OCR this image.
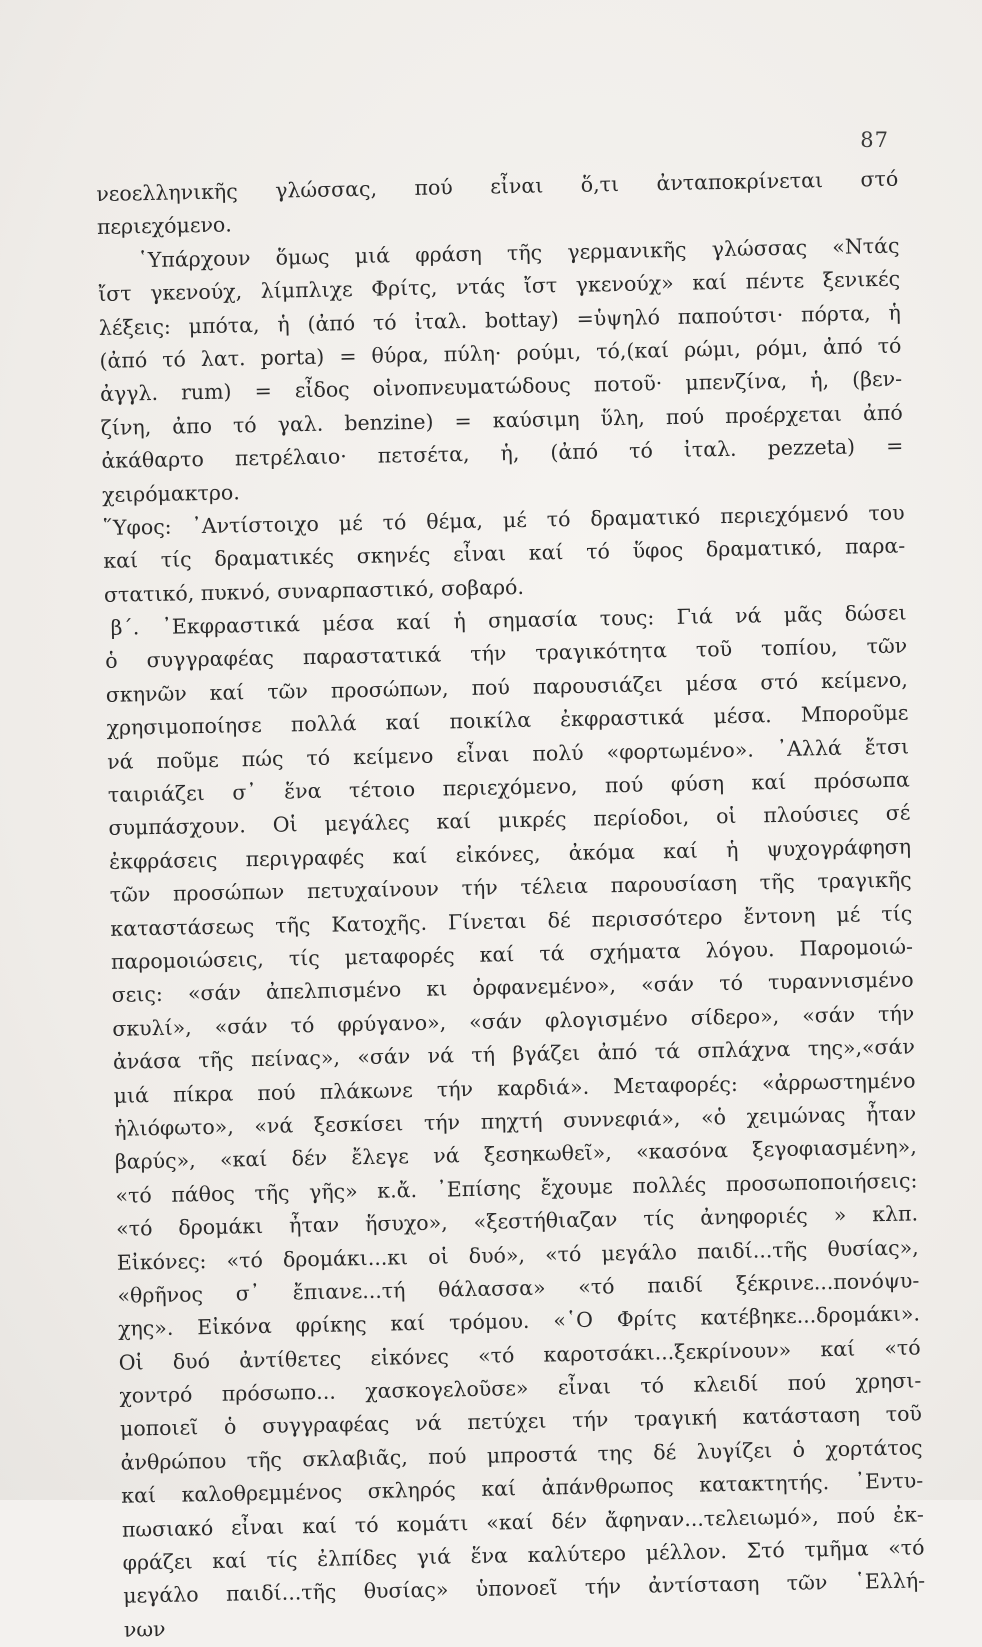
87
νεοελληνικῆς γλώσσας, πού εἶναι ὅ,τι ἀνταποκρίνεται στό
περιεχόμενο.
῾Υπάρχουν ὅμως μιά φράση τῆς γερμανικῆς γλώσσας «Ντάς
ἴστ γκενούχ, λίμπλιχε Φρίτς, ντάς ἴστ γκενούχ» καί πέντε ξενικές
λέξεις: μπότα, ἡ (ἀπό τό ἰταλ. bottay) =ὑψηλό παπούτσι· πόρτα, ἡ
(ἀπό τό λατ. porta) = θύρα, πύλη· ρούμι, τό,(καί ρώμι, ρόμι, ἀπό τό
ἀγγλ. rum) = εἶδος οἰνοπνευματώδους ποτοῦ· μπενζίνα, ἡ, (βεν-
ζίνη, ἀπο τό γαλ. benzine) = καύσιμη ὕλη, πού προέρχεται ἀπό
ἀκάθαρτο πετρέλαιο· πετσέτα, ἡ, (ἀπό τό ἰταλ. pezzeta) =
χειρόμακτρο.
῞Υφος: ᾿Αντίστοιχο μέ τό θέμα, μέ τό δραματικό περιεχόμενό του
καί τίς δραματικές σκηνές εἶναι καί τό ὕφος δραματικό, παρα-
στατικό, πυκνό, συναρπαστικό, σοβαρό.
β΄. ᾿Εκφραστικά μέσα καί ἡ σημασία τους: Γιά νά μᾶς δώσει
ὁ συγγραφέας παραστατικά τήν τραγικότητα τοῦ τοπίου, τῶν
σκηνῶν καί τῶν προσώπων, πού παρουσιάζει μέσα στό κείμενο,
χρησιμοποίησε πολλά καί ποικίλα ἐκφραστικά μέσα. Μποροῦμε
νά ποῦμε πώς τό κείμενο εἶναι πολύ «φορτωμένο». ᾿Αλλά ἔτσι
ταιριάζει σ᾿ ἕνα τέτοιο περιεχόμενο, πού φύση καί πρόσωπα
συμπάσχουν. Οἱ μεγάλες καί μικρές περίοδοι, οἱ πλούσιες σέ
ἐκφράσεις περιγραφές καί εἰκόνες, ἀκόμα καί ἡ ψυχογράφηση
τῶν προσώπων πετυχαίνουν τήν τέλεια παρουσίαση τῆς τραγικῆς
καταστάσεως τῆς Κατοχῆς. Γίνεται δέ περισσότερο ἔντονη μέ τίς
παρομοιώσεις, τίς μεταφορές καί τά σχήματα λόγου. Παρομοιώ-
σεις: «σάν ἀπελπισμένο κι ὀρφανεμένο», «σάν τό τυραννισμένο
σκυλί», «σάν τό φρύγανο», «σάν φλογισμένο σίδερο», «σάν τήν
ἀνάσα τῆς πείνας», «σάν νά τή βγάζει ἀπό τά σπλάχνα της»,«σάν
μιά πίκρα πού πλάκωνε τήν καρδιά». Μεταφορές: «ἀρρωστημένο
ἡλιόφωτο», «νά ξεσκίσει τήν πηχτή συννεφιά», «ὁ χειμώνας ἦταν
βαρύς», «καί δέν ἔλεγε νά ξεσηκωθεῖ», «κασόνα ξεγοφιασμένη»,
«τό πάθος τῆς γῆς» κ.ἄ. ᾿Επίσης ἔχουμε πολλές προσωποποιήσεις:
«τό δρομάκι ἦταν ἥσυχο», «ξεστήθιαζαν τίς ἀνηφοριές » κλπ.
Εἰκόνες: «τό δρομάκι...κι οἱ δυό», «τό μεγάλο παιδί...τῆς θυσίας»,
«θρῆνος σ᾿ ἔπιανε...τή θάλασσα» «τό παιδί ξέκρινε...πονόψυ-
χης». Εἰκόνα φρίκης καί τρόμου. «῾Ο Φρίτς κατέβηκε...δρομάκι».
Οἱ δυό ἀντίθετες εἰκόνες «τό καροτσάκι...ξεκρίνουν» καί «τό
χοντρό πρόσωπο... χασκογελοῦσε» εἶναι τό κλειδί πού χρησι-
μοποιεῖ ὁ συγγραφέας νά πετύχει τήν τραγική κατάσταση τοῦ
ἀνθρώπου τῆς σκλαβιᾶς, πού μπροστά της δέ λυγίζει ὁ χορτάτος
καί καλοθρεμμένος σκληρός καί ἀπάνθρωπος κατακτητής. ᾿Εντυ-
πωσιακό εἶναι καί τό κομάτι «καί δέν ἄφηναν...τελειωμό», πού ἐκ-
φράζει καί τίς ἐλπίδες γιά ἕνα καλύτερο μέλλον. Στό τμῆμα «τό
μεγάλο παιδί...τῆς θυσίας» ὑπονοεῖ τήν ἀντίσταση τῶν ῾Ελλή-
νων
